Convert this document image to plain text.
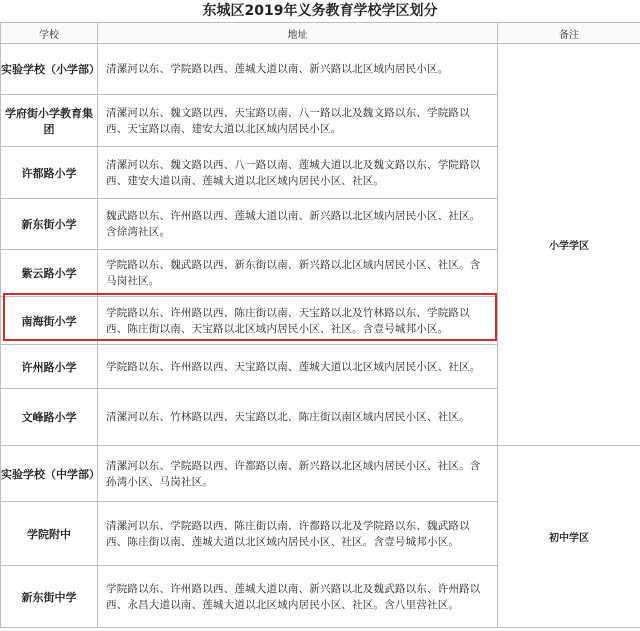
东城区2019年义务教育学校学区划分
学校	地址	备注
实验学校（小学部）	清漯河以东、学院路以西、莲城大道以南、新兴路以北区域内居民小区。	小学学区
学府街小学教育集团	清漯河以东、魏文路以西、天宝路以南、八一路以北及魏文路以东、学院路以西、天宝路以南、建安大道以北区域内居民小区。	
许都路小学	清漯河以东、魏文路以西、八一路以南、莲城大道以北及魏文路以东、学院路以西、建安大道以南、莲城大道以北区域内居民小区、社区。	
新东街小学	魏武路以东、许州路以西、莲城大道以南、新兴路以北区域内居民小区、社区。含徐湾社区。	
紫云路小学	学院路以东、魏武路以西、新东街以南、新兴路以北区域内居民小区、社区。含马岗社区。	
南海街小学	学院路以东、许州路以西、陈庄街以南、天宝路以北及竹林路以东、学院路以西、陈庄街以南、天宝路以北区域内居民小区、社区。含壹号城邦小区。	
许州路小学	学院路以东、许州路以西、天宝路以南、莲城大道以北区域内居民小区、社区。	
文峰路小学	清漯河以东、竹林路以西、天宝路以北、陈庄街以南区域内居民小区、社区。	
实验学校（中学部）	清漯河以东、学院路以西、许都路以南、新兴路以北区域内居民小区、社区。含孙湾小区、马岗社区。	初中学区
学院附中	清漯河以东、学院路以西、陈庄街以南、许都路以北及学院路以东、魏武路以西、陈庄街以南、莲城大道以北区域内居民小区、社区。含壹号城邦小区。	
新东街中学	学院路以东、许州路以西、莲城大道以南、新兴路以北及魏武路以东、许州路以西、永昌大道以南、莲城大道以北区域内居民小区、社区。含八里营社区。	
